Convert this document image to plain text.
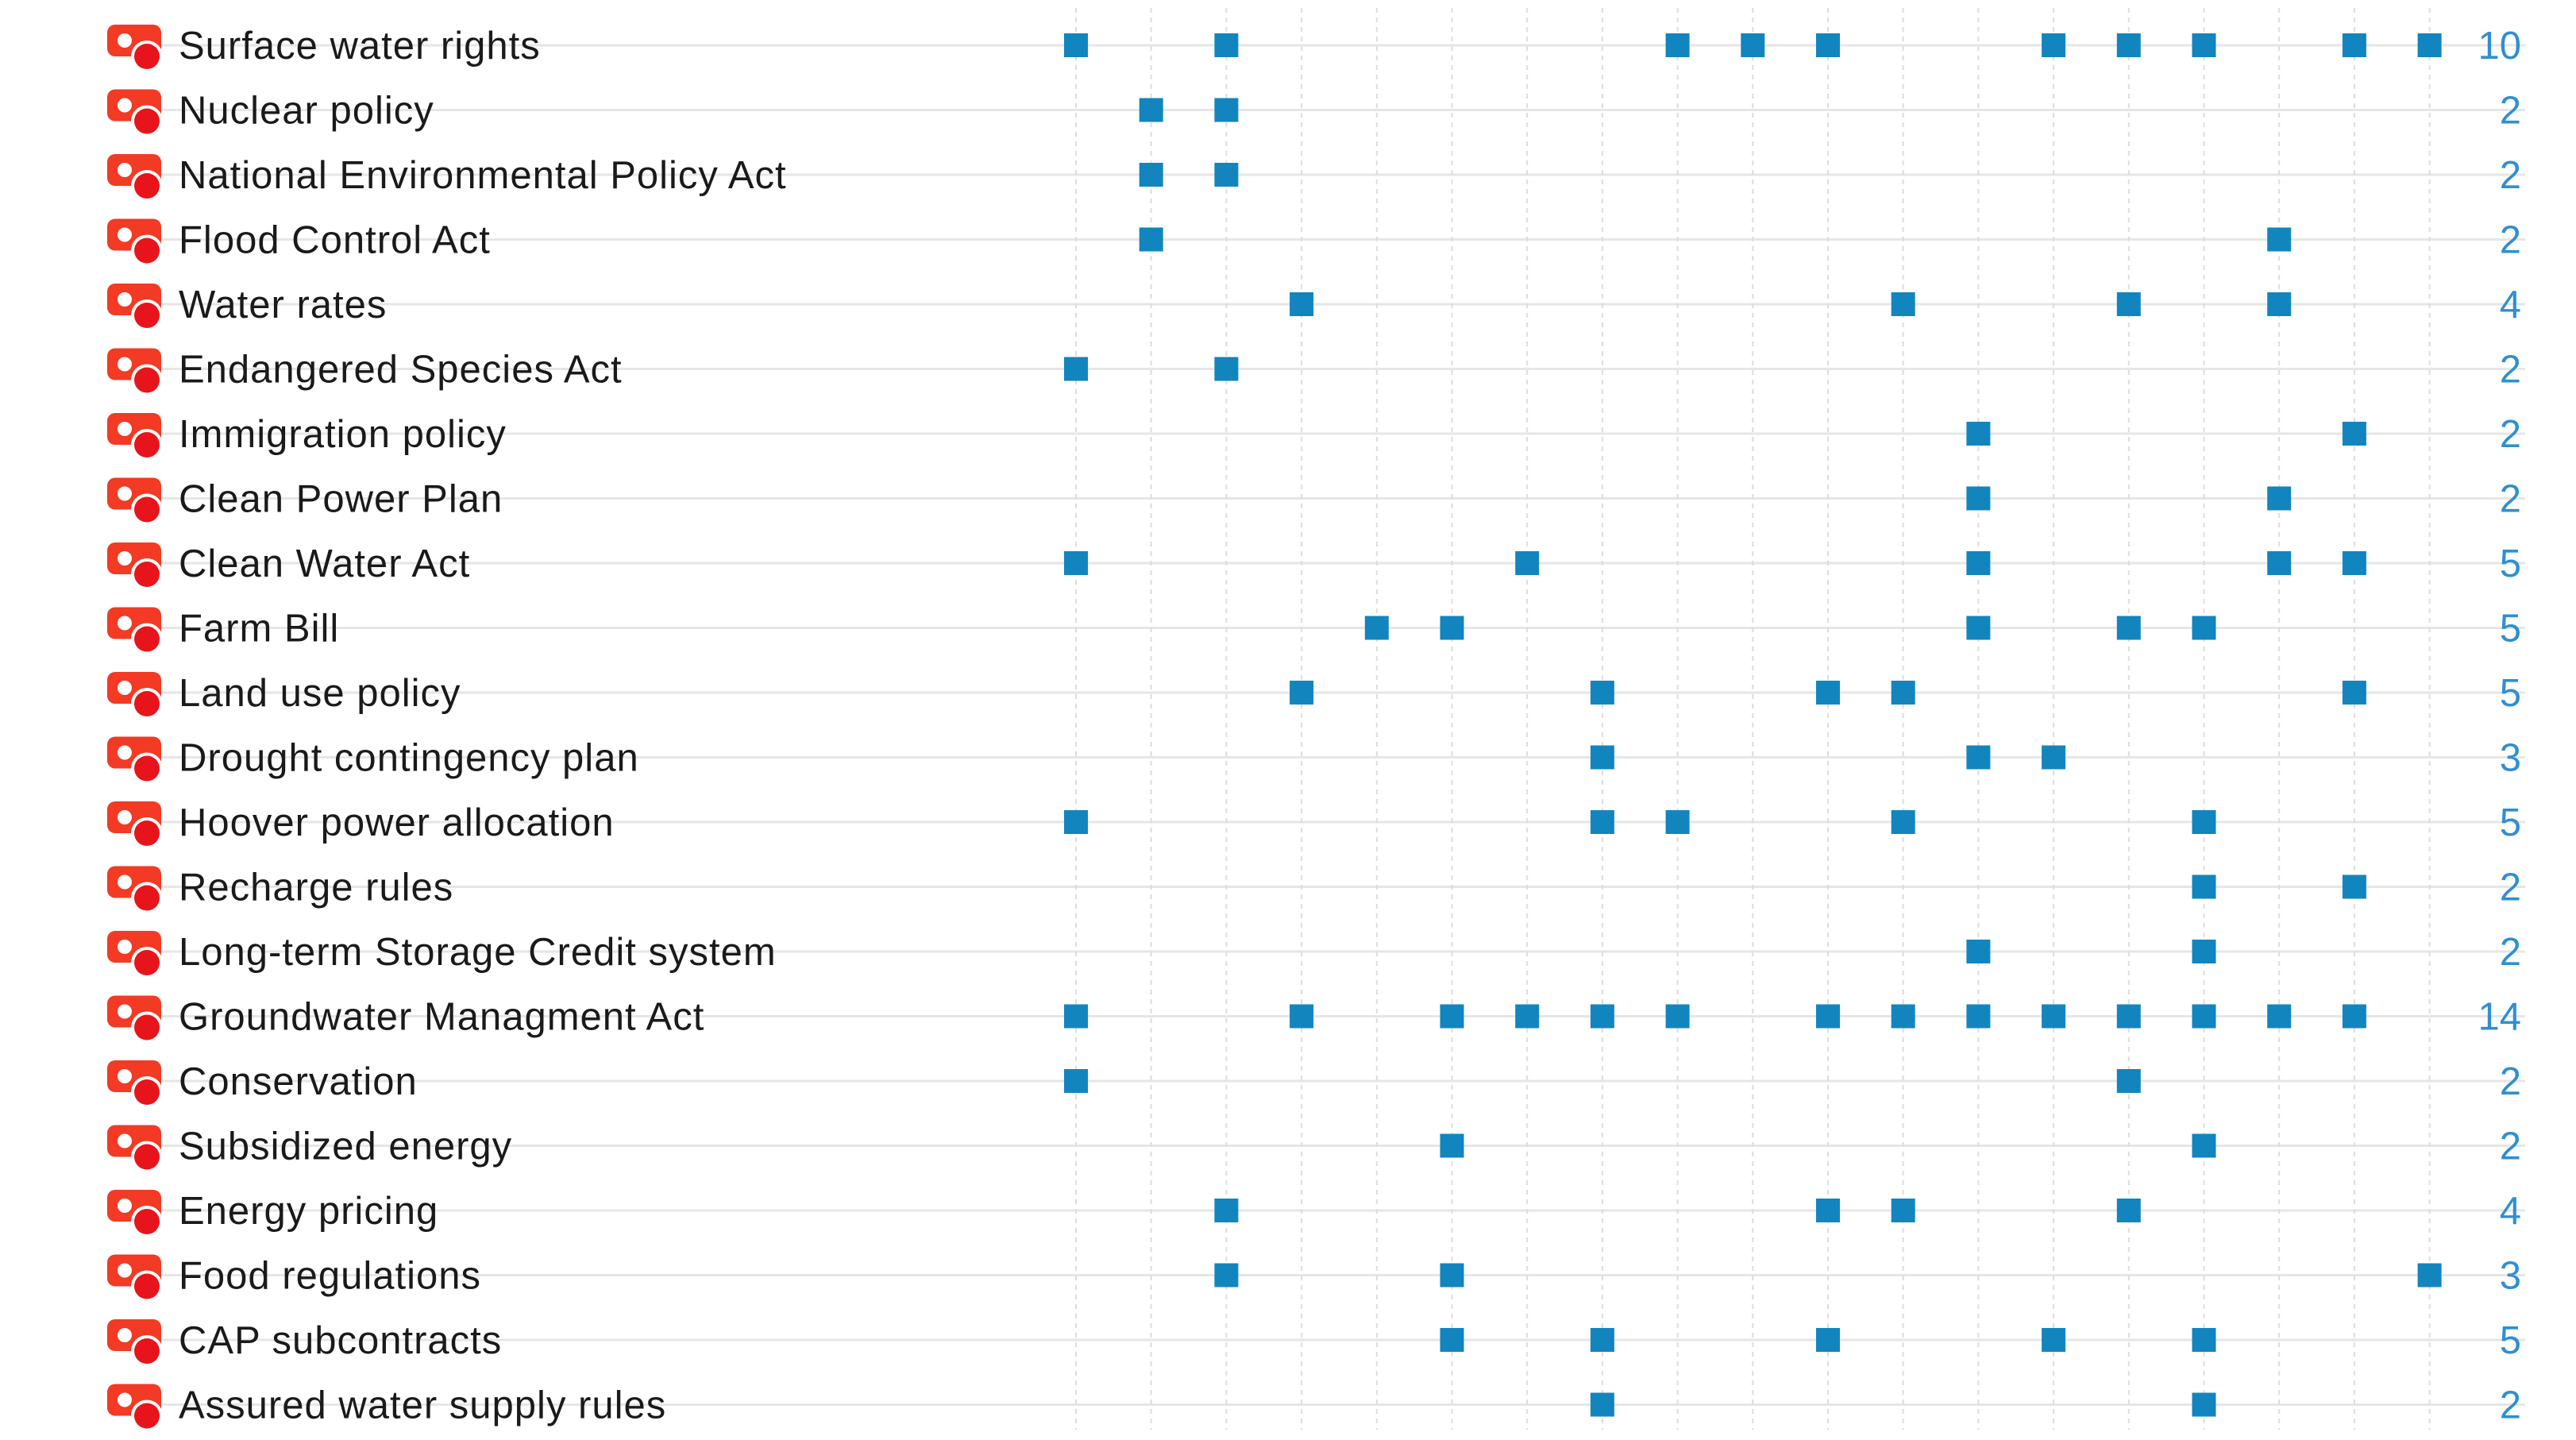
Surface water rights	10
Nuclear policy	2
National Environmental Policy Act	2
Flood Control Act	2
Water rates	4
Endangered Species Act	2
Immigration policy	2
Clean Power Plan	2
Clean Water Act	5
Farm Bill	5
Land use policy	5
Drought contingency plan	3
Hoover power allocation	5
Recharge rules	2
Long-term Storage Credit system	2
Groundwater Managment Act	14
Conservation	2
Subsidized energy	2
Energy pricing	4
Food regulations	3
CAP subcontracts	5
Assured water supply rules	2
